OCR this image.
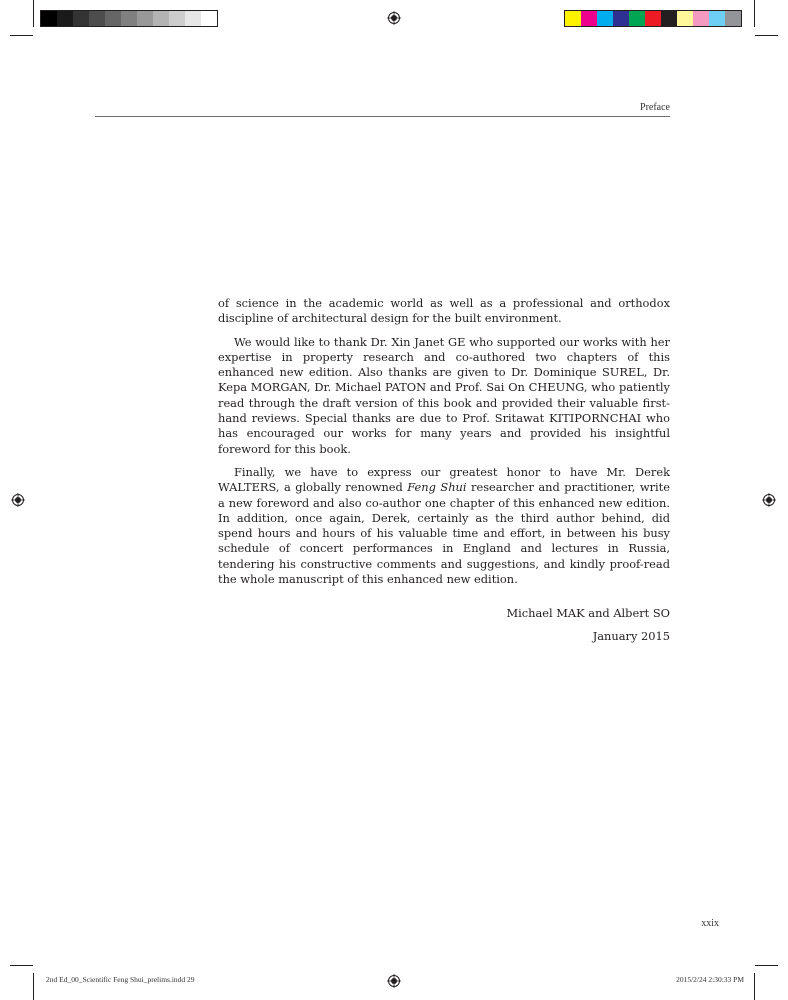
Preface

of science in the academic world as well as a professional and orthodox discipline of architectural design for the built environment.

We would like to thank Dr. Xin Janet GE who supported our works with her expertise in property research and co-authored two chapters of this enhanced new edition. Also thanks are given to Dr. Dominique SUREL, Dr. Kepa MORGAN, Dr. Michael PATON and Prof. Sai On CHEUNG, who patiently read through the draft version of this book and provided their valuable first-hand reviews. Special thanks are due to Prof. Sritawat KITIPORNCHAI who has encouraged our works for many years and provided his insightful foreword for this book.

Finally, we have to express our greatest honor to have Mr. Derek WALTERS, a globally renowned Feng Shui researcher and practitioner, write a new foreword and also co-author one chapter of this enhanced new edition. In addition, once again, Derek, certainly as the third author behind, did spend hours and hours of his valuable time and effort, in between his busy schedule of concert performances in England and lectures in Russia, tendering his constructive comments and suggestions, and kindly proof-read the whole manuscript of this enhanced new edition.

Michael MAK and Albert SO
January 2015
xxix
2nd Ed_00_Scientific Feng Shui_prelims.indd 29	2015/2/24 2:30:33 PM
